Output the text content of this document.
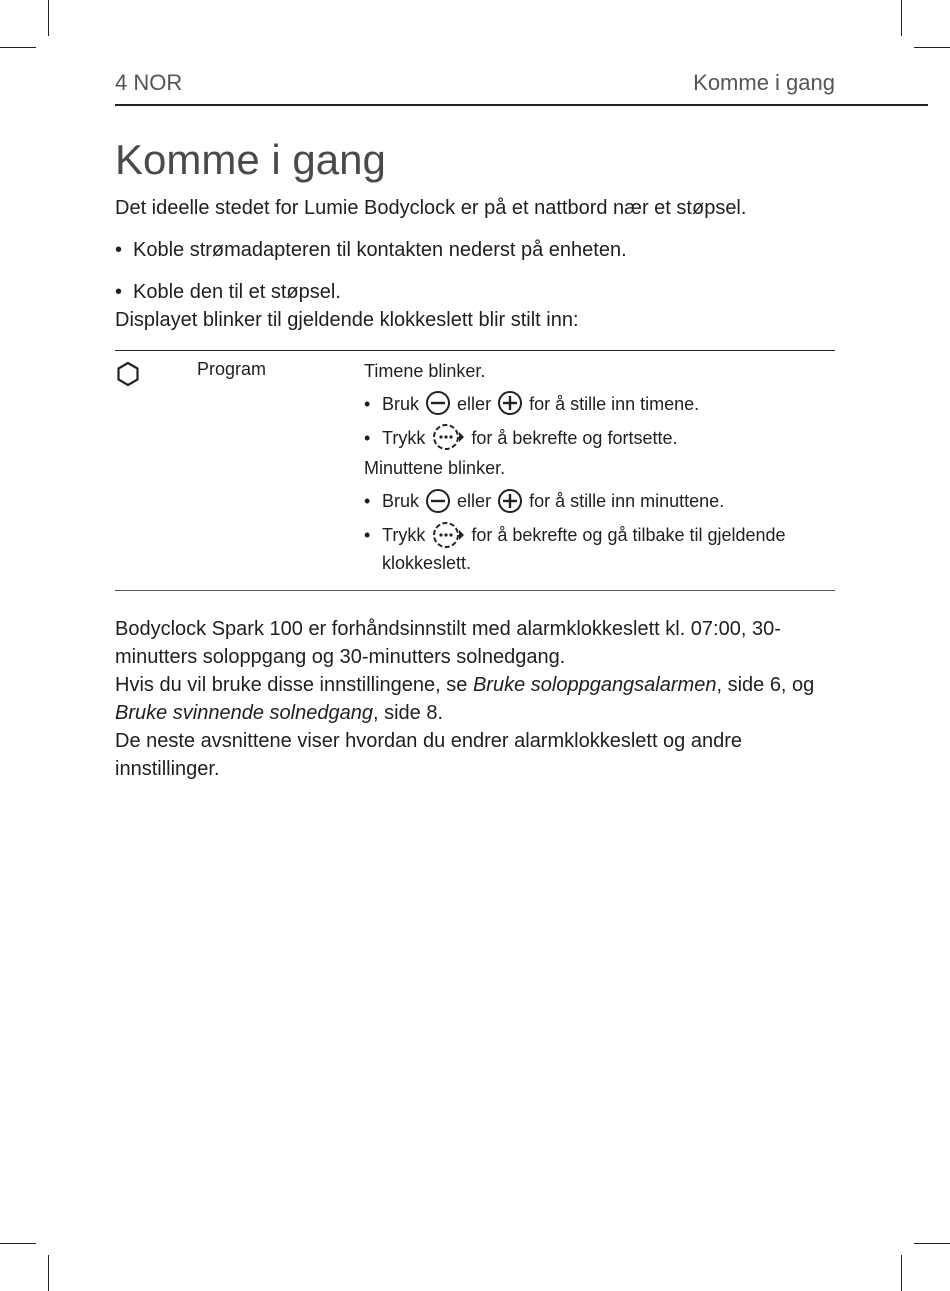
4 NOR	Komme i gang
Komme i gang

Det ideelle stedet for Lumie Bodyclock er på et nattbord nær et støpsel.

• Koble strømadapteren til kontakten nederst på enheten.
• Koble den til et støpsel.

Displayet blinker til gjeldende klokkeslett blir stilt inn:

	Program	Timene blinker.
• Bruk eller for å stille inn timene.
• Trykk	for å bekrefte og fortsette.
Minuttene blinker.
• Bruk eller for å stille inn minuttene.
• Trykk	for å bekrefte og gå tilbake til gjeldende klokkeslett.

Bodyclock Spark 100 er forhåndsinnstilt med alarmklokkeslett kl. 07:00, 30-minutters soloppgang og 30-minutters solnedgang.

Hvis du vil bruke disse innstillingene, se Bruke soloppgangsalarmen, side 6, og Bruke svinnende solnedgang, side 8.

De neste avsnittene viser hvordan du endrer alarmklokkeslett og andre innstillinger.
